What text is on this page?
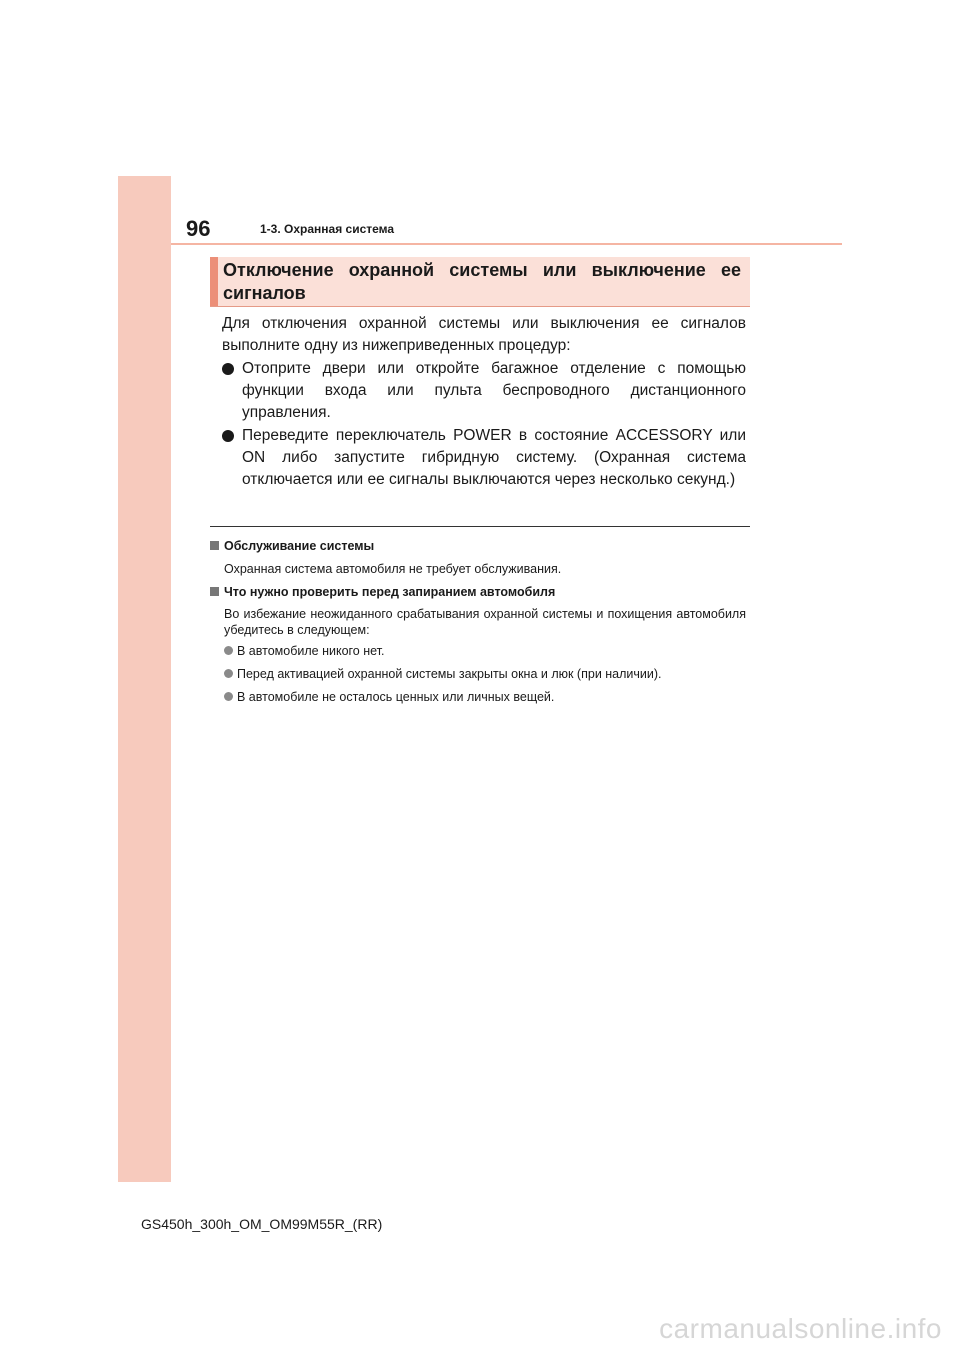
96	1-3. Охранная система
Отключение охранной системы или выключение ее сигналов

Для отключения охранной системы или выключения ее сигналов выполните одну из нижеприведенных процедур:

Отоприте двери или откройте багажное отделение с помощью функции входа или пульта беспроводного дистанционного управления.
Переведите переключатель POWER в состояние ACCESSORY или ON либо запустите гибридную систему. (Охранная система отключается или ее сигналы выключаются через несколько секунд.)
Обслуживание системы

Охранная система автомобиля не требует обслуживания.

Что нужно проверить перед запиранием автомобиля

Во избежание неожиданного срабатывания охранной системы и похищения автомобиля убедитесь в следующем:

В автомобиле никого нет.
Перед активацией охранной системы закрыты окна и люк (при наличии).
В автомобиле не осталось ценных или личных вещей.
GS450h_300h_OM_OM99M55R_(RR)
carmanualsonline.info
